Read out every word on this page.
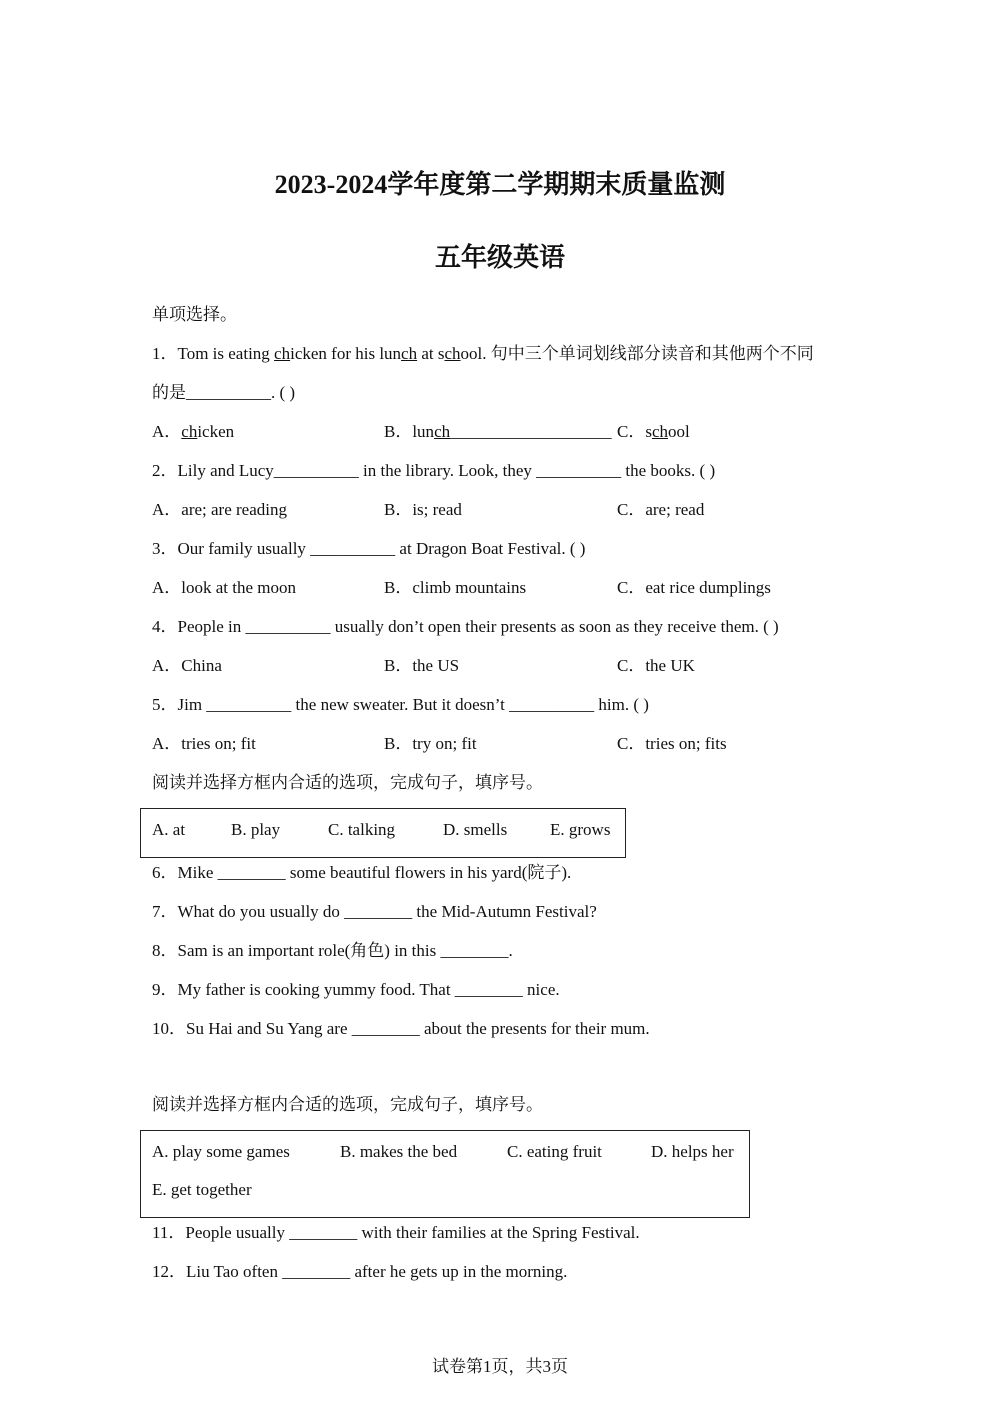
2023-2024学年度第二学期期末质量监测
五年级英语
单项选择。
1．Tom is eating chicken for his lunch at school. 句中三个单词划线部分读音和其他两个不同
的是__________. ( )
A．chicken	B．lunch___________________ C．school
2．Lily and Lucy__________ in the library. Look, they __________ the books. ( )
A．are; are reading	B．is; read	C．are; read
3．Our family usually __________ at Dragon Boat Festival. ( )
A．look at the moon	B．climb mountains	C．eat rice dumplings
4．People in __________ usually don’t open their presents as soon as they receive them. ( )
A．China	B．the US	C．the UK
5．Jim __________ the new sweater. But it doesn’t __________ him. ( )
A．tries on; fit	B．try on; fit	C．tries on; fits
阅读并选择方框内合适的选项，完成句子，填序号。
A. at	B. play	C. talking	D. smells	E. grows
6．Mike ________ some beautiful flowers in his yard(院子).
7．What do you usually do ________ the Mid-Autumn Festival?
8．Sam is an important role(角色) in this ________.
9．My father is cooking yummy food. That ________ nice.
10．Su Hai and Su Yang are ________ about the presents for their mum.
阅读并选择方框内合适的选项，完成句子，填序号。
A. play some games	B. makes the bed	C. eating fruit	D. helps her
E. get together
11．People usually ________ with their families at the Spring Festival.
12．Liu Tao often ________ after he gets up in the morning.
试卷第1页，共3页
